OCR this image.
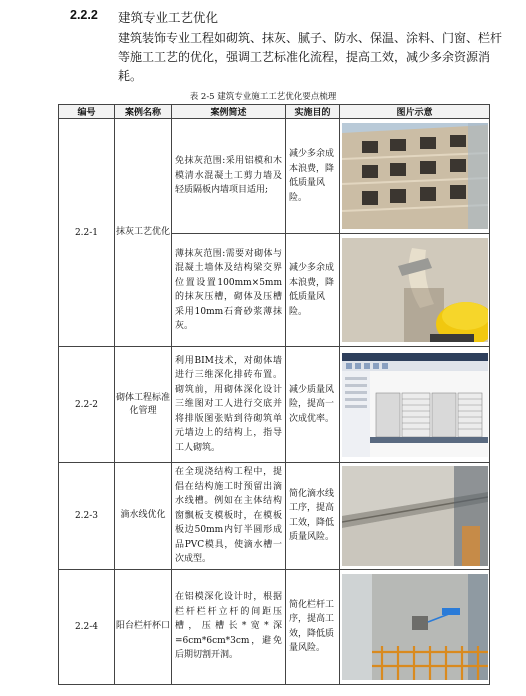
2.2.2 建筑专业工艺优化
建筑装饰专业工程如砌筑、抹灰、腻子、防水、保温、涂料、门窗、栏杆等施工工艺的优化，强调工艺标准化流程，提高工效，减少多余资源消耗。
表 2-5 建筑专业施工工艺优化要点梳理
编号	案例名称	案例简述	实施目的	图片示意
2.2-1	抹灰工艺优化	免抹灰范围:采用铝模和木模清水混凝土工剪力墙及轻质隔板内墙项目适用;	减少多余成本浪费，降低质量风险。	

		薄抹灰范围:需要对砌体与混凝土墙体及结构梁交界位置设置100mm×5mm的抹灰压槽，砌体及压槽采用10mm石膏砂浆薄抹灰。	减少多余成本浪费，降低质量风险。	

2.2-2	砌体工程标准化管理	利用BIM技术，对砌体墙进行三维深化排砖布置。砌筑前，用砌体深化设计三维图对工人进行交底并将排版图张贴到待砌筑单元墙边上的结构上，指导工人砌筑。	减少质量风险，提高一次成优率。	

2.2-3	滴水线优化	在全现浇结构工程中，提倡在结构施工时预留出滴水线槽。例如在主体结构窗飘板支模板时，在模板板边50mm内钉半圆形成品PVC模具，使滴水槽一次成型。	简化滴水线工序，提高工效，降低质量风险。	

2.2-4	阳台栏杆杯口	在铝模深化设计时，根据栏杆栏杆立杆的间距压槽，压槽长*宽*深=6cm*6cm*3cm，避免后期切割开洞。	简化栏杆工序，提高工效，降低质量风险。	
